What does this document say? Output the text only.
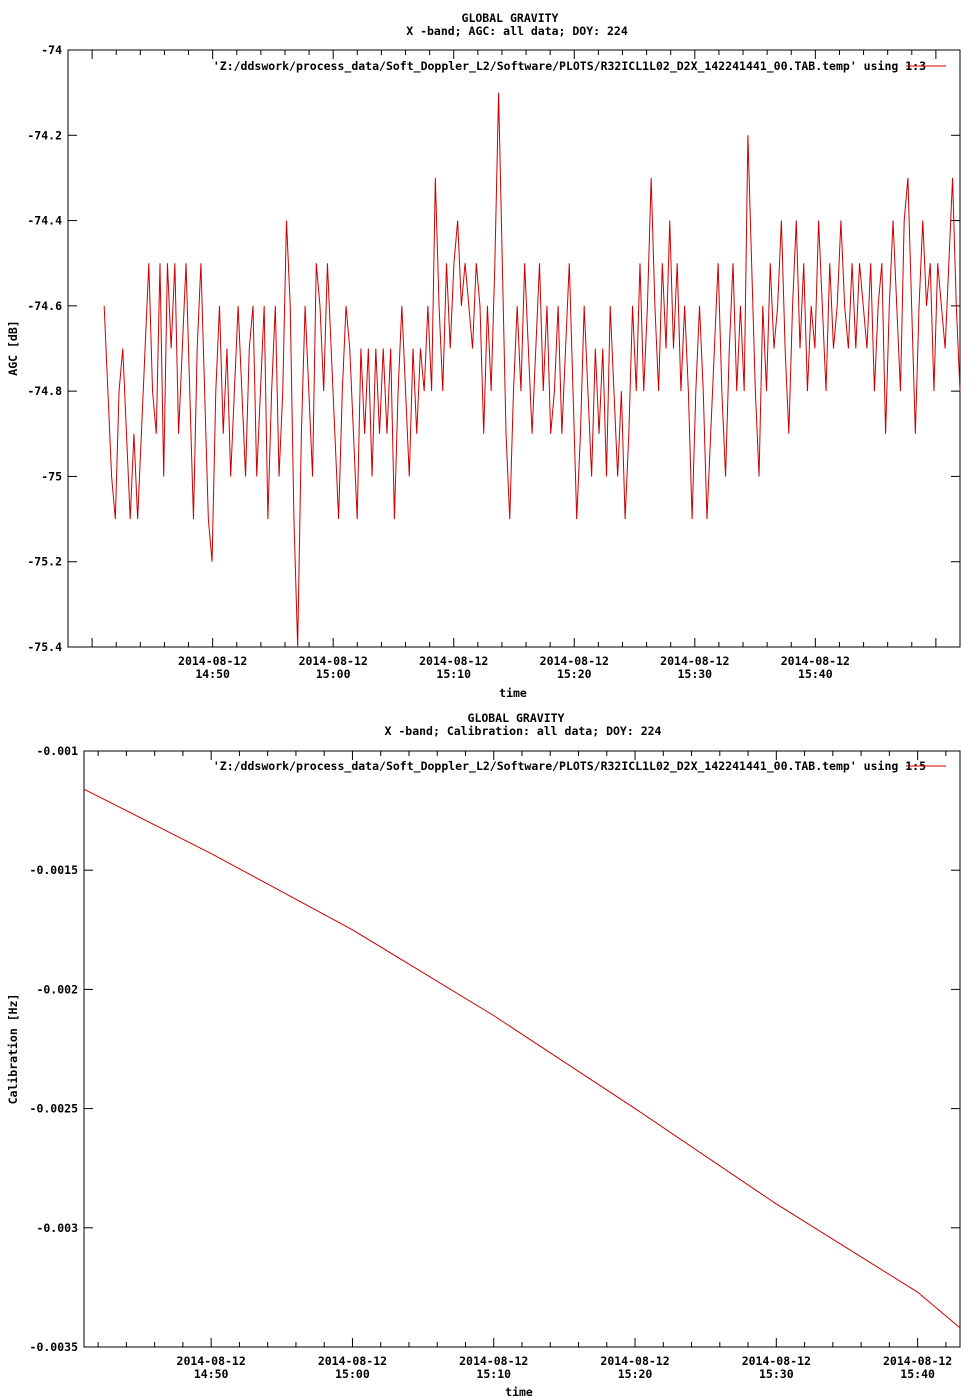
GLOBAL GRAVITY
X -band; AGC: all data; DOY: 224
-74
-74.2
-74.4
-74.6
-74.8
-75
-75.2
-75.4
2014-08-12
14:50
2014-08-12
15:00
2014-08-12
15:10
2014-08-12
15:20
2014-08-12
15:30
2014-08-12
15:40
'Z:/ddswork/process_data/Soft_Doppler_L2/Software/PLOTS/R32ICL1L02_D2X_142241441_00.TAB.temp' using 1:3
time
AGC [dB]
GLOBAL GRAVITY
X -band; Calibration: all data; DOY: 224
-0.001
-0.0015
-0.002
-0.0025
-0.003
-0.0035
2014-08-12
14:50
2014-08-12
15:00
2014-08-12
15:10
2014-08-12
15:20
2014-08-12
15:30
2014-08-12
15:40
'Z:/ddswork/process_data/Soft_Doppler_L2/Software/PLOTS/R32ICL1L02_D2X_142241441_00.TAB.temp' using 1:5
time
Calibration [Hz]
